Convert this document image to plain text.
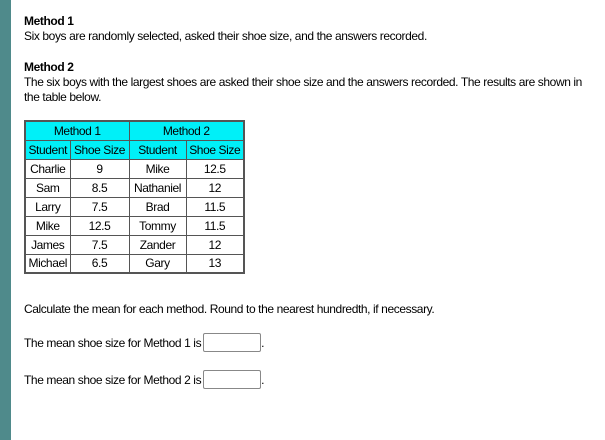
Method 1
Six boys are randomly selected, asked their shoe size, and the answers recorded.
Method 2
The six boys with the largest shoes are asked their shoe size and the answers recorded. The results are shown in the table below.
Method 1		Method 2	
Student	Shoe Size	Student	Shoe Size
Charlie	9	Mike	12.5
Sam	8.5	Nathaniel	12
Larry	7.5	Brad	11.5
Mike	12.5	Tommy	11.5
James	7.5	Zander	12
Michael	6.5	Gary	13
Calculate the mean for each method. Round to the nearest hundredth, if necessary.
The mean shoe size for Method 1 is	.
The mean shoe size for Method 2 is	.
